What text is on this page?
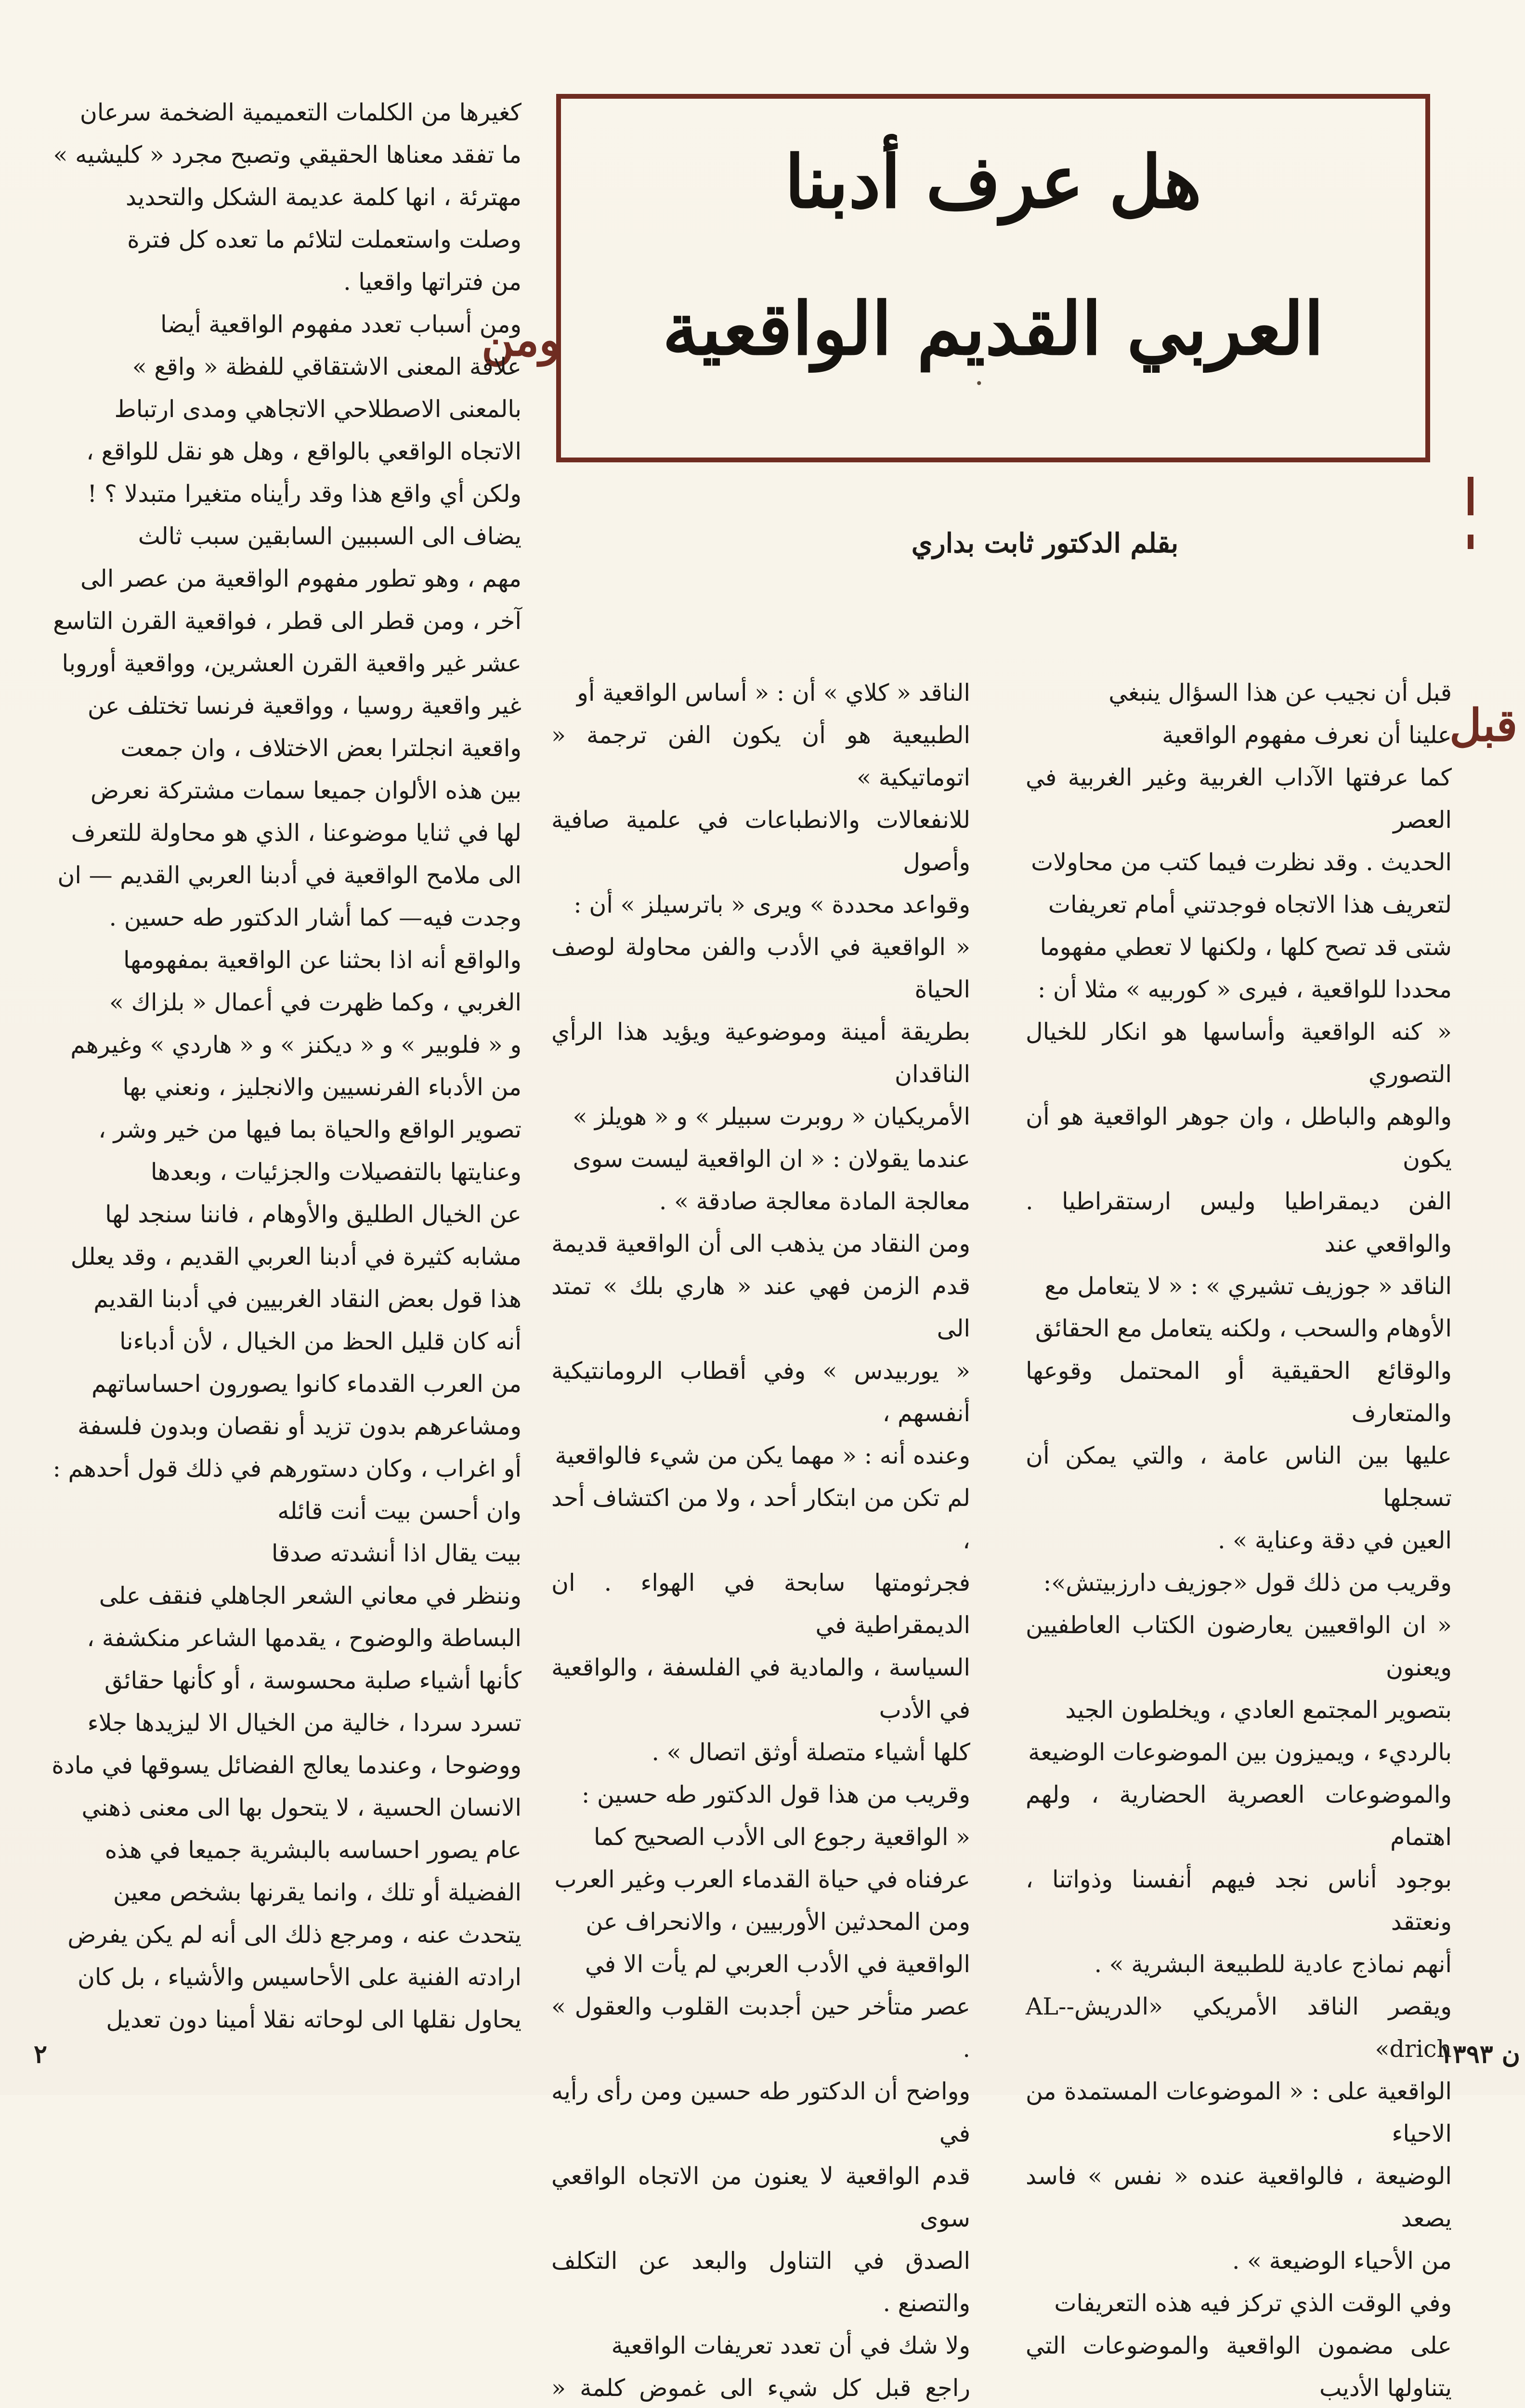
هل عرف أدبنا
العربي القديم الواقعية
•
بقلم الدكتور ثابت بداري
ومن
قبل
كغيرها من الكلمات التعميمية الضخمة سرعان
ما تفقد معناها الحقيقي وتصبح مجرد « كليشيه »
مهترئة ، انها كلمة عديمة الشكل والتحديد
وصلت واستعملت لتلائم ما تعده كل فترة
من فتراتها واقعيا .
ومن أسباب تعدد مفهوم الواقعية أيضا
علاقة المعنى الاشتقاقي للفظة « واقع »
بالمعنى الاصطلاحي الاتجاهي ومدى ارتباط
الاتجاه الواقعي بالواقع ، وهل هو نقل للواقع ،
ولكن أي واقع هذا وقد رأيناه متغيرا متبدلا ؟ !
يضاف الى السببين السابقين سبب ثالث
مهم ، وهو تطور مفهوم الواقعية من عصر الى
آخر ، ومن قطر الى قطر ، فواقعية القرن التاسع
عشر غير واقعية القرن العشرين، وواقعية أوروبا
غير واقعية روسيا ، وواقعية فرنسا تختلف عن
واقعية انجلترا بعض الاختلاف ، وان جمعت
بين هذه الألوان جميعا سمات مشتركة نعرض
لها في ثنايا موضوعنا ، الذي هو محاولة للتعرف
الى ملامح الواقعية في أدبنا العربي القديم — ان
وجدت فيه— كما أشار الدكتور طه حسين .
والواقع أنه اذا بحثنا عن الواقعية بمفهومها
الغربي ، وكما ظهرت في أعمال « بلزاك »
و « فلوبير » و « ديكنز » و « هاردي » وغيرهم
من الأدباء الفرنسيين والانجليز ، ونعني بها
تصوير الواقع والحياة بما فيها من خير وشر ،
وعنايتها بالتفصيلات والجزئيات ، وبعدها
عن الخيال الطليق والأوهام ، فاننا سنجد لها
مشابه كثيرة في أدبنا العربي القديم ، وقد يعلل
هذا قول بعض النقاد الغربيين في أدبنا القديم
أنه كان قليل الحظ من الخيال ، لأن أدباءنا
من العرب القدماء كانوا يصورون احساساتهم
ومشاعرهم بدون تزيد أو نقصان وبدون فلسفة
أو اغراب ، وكان دستورهم في ذلك قول أحدهم :
وان أحسن بيت أنت قائله
بيت يقال اذا أنشدته صدقا
وننظر في معاني الشعر الجاهلي فنقف على
البساطة والوضوح ، يقدمها الشاعر منكشفة ،
كأنها أشياء صلبة محسوسة ، أو كأنها حقائق
تسرد سردا ، خالية من الخيال الا ليزيدها جلاء
ووضوحا ، وعندما يعالج الفضائل يسوقها في مادة
الانسان الحسية ، لا يتحول بها الى معنى ذهني
عام يصور احساسه بالبشرية جميعا في هذه
الفضيلة أو تلك ، وانما يقرنها بشخص معين
يتحدث عنه ، ومرجع ذلك الى أنه لم يكن يفرض
ارادته الفنية على الأحاسيس والأشياء ، بل كان
يحاول نقلها الى لوحاته نقلا أمينا دون تعديل
الناقد « كلاي » أن : « أساس الواقعية أو
الطبيعية هو أن يكون الفن ترجمة « اتوماتيكية »
للانفعالات والانطباعات في علمية صافية وأصول
وقواعد محددة » ويرى « باترسيلز » أن :
« الواقعية في الأدب والفن محاولة لوصف الحياة
بطريقة أمينة وموضوعية ويؤيد هذا الرأي الناقدان
الأمريكيان « روبرت سبيلر » و « هويلز »
عندما يقولان : « ان الواقعية ليست سوى
معالجة المادة معالجة صادقة » .
ومن النقاد من يذهب الى أن الواقعية قديمة
قدم الزمن فهي عند « هاري بلك » تمتد الى
« يوربيدس » وفي أقطاب الرومانتيكية أنفسهم ،
وعنده أنه : « مهما يكن من شيء فالواقعية
لم تكن من ابتكار أحد ، ولا من اكتشاف أحد ،
فجرثومتها سابحة في الهواء . ان الديمقراطية في
السياسة ، والمادية في الفلسفة ، والواقعية في الأدب
كلها أشياء متصلة أوثق اتصال » .
وقريب من هذا قول الدكتور طه حسين :
« الواقعية رجوع الى الأدب الصحيح كما
عرفناه في حياة القدماء العرب وغير العرب
ومن المحدثين الأوربيين ، والانحراف عن
الواقعية في الأدب العربي لم يأت الا في
عصر متأخر حين أجدبت القلوب والعقول » .
وواضح أن الدكتور طه حسين ومن رأى رأيه في
قدم الواقعية لا يعنون من الاتجاه الواقعي سوى
الصدق في التناول والبعد عن التكلف والتصنع .
ولا شك في أن تعدد تعريفات الواقعية
راجع قبل كل شيء الى غموض كلمة «

قبل أن نجيب عن هذا السؤال ينبغي
علينا أن نعرف مفهوم الواقعية
كما عرفتها الآداب الغربية وغير الغربية في العصر
الحديث . وقد نظرت فيما كتب من محاولات
لتعريف هذا الاتجاه فوجدتني أمام تعريفات
شتى قد تصح كلها ، ولكنها لا تعطي مفهوما
محددا للواقعية ، فيرى « كوربيه » مثلا أن :
« كنه الواقعية وأساسها هو انكار للخيال التصوري
والوهم والباطل ، وان جوهر الواقعية هو أن يكون
الفن ديمقراطيا وليس ارستقراطيا . والواقعي عند
الناقد « جوزيف تشيري » : « لا يتعامل مع
الأوهام والسحب ، ولكنه يتعامل مع الحقائق
والوقائع الحقيقية أو المحتمل وقوعها والمتعارف
عليها بين الناس عامة ، والتي يمكن أن تسجلها
العين في دقة وعناية » .
وقريب من ذلك قول «جوزيف دارزبيتش»:
« ان الواقعيين يعارضون الكتاب العاطفيين ويعنون
بتصوير المجتمع العادي ، ويخلطون الجيد
بالرديء ، ويميزون بين الموضوعات الوضيعة
والموضوعات العصرية الحضارية ، ولهم اهتمام
بوجود أناس نجد فيهم أنفسنا وذواتنا ، ونعتقد
أنهم نماذج عادية للطبيعة البشرية » .
ويقصر الناقد الأمريكي «الدريش-AL-drich»
الواقعية على : « الموضوعات المستمدة من الاحياء
الوضيعة ، فالواقعية عنده « نفس » فاسد يصعد
من الأحياء الوضيعة » .
وفي الوقت الذي تركز فيه هذه التعريفات
على مضمون الواقعية والموضوعات التي يتناولها الأديب

٢	ن ١٣٩٣
